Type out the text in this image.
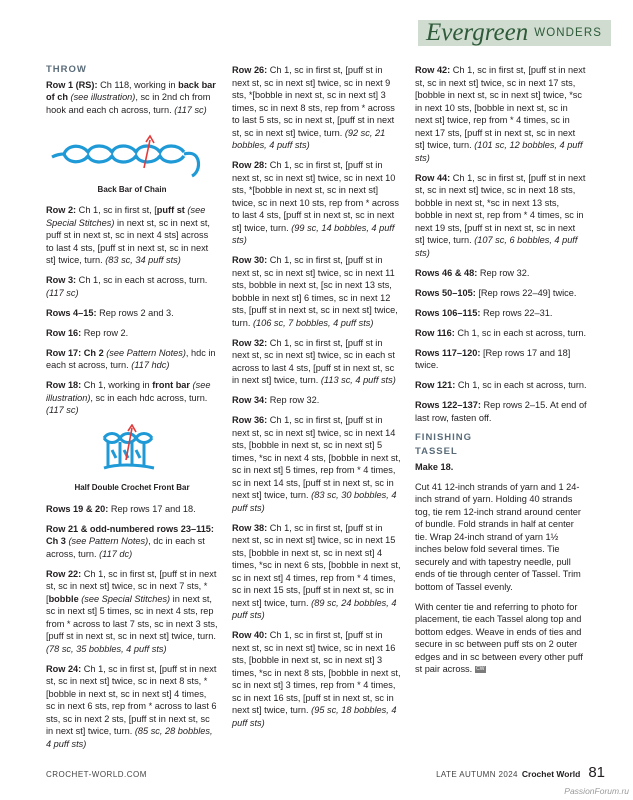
Evergreen WONDERS
THROW

Row 1 (RS): Ch 118, working in back bar of ch (see illustration), sc in 2nd ch from hook and each ch across, turn. (117 sc)

Back Bar of Chain

Row 2: Ch 1, sc in first st, [puff st (see Special Stitches) in next st, sc in next st, puff st in next st, sc in next 4 sts] across to last 4 sts, [puff st in next st, sc in next st] twice, turn. (83 sc, 34 puff sts)

Row 3: Ch 1, sc in each st across, turn. (117 sc)

Rows 4–15: Rep rows 2 and 3.

Row 16: Rep row 2.

Row 17: Ch 2 (see Pattern Notes), hdc in each st across, turn. (117 hdc)

Row 18: Ch 1, working in front bar (see illustration), sc in each hdc across, turn. (117 sc)

Half Double Crochet Front Bar

Rows 19 & 20: Rep rows 17 and 18.

Row 21 & odd-numbered rows 23–115: Ch 3 (see Pattern Notes), dc in each st across, turn. (117 dc)

Row 22: Ch 1, sc in first st, [puff st in next st, sc in next st] twice, sc in next 7 sts, *[bobble (see Special Stitches) in next st, sc in next st] 5 times, sc in next 4 sts, rep from * across to last 7 sts, sc in next 3 sts, [puff st in next st, sc in next st] twice, turn. (78 sc, 35 bobbles, 4 puff sts)

Row 24: Ch 1, sc in first st, [puff st in next st, sc in next st] twice, sc in next 8 sts, *[bobble in next st, sc in next st] 4 times, sc in next 6 sts, rep from * across to last 6 sts, sc in next 2 sts, [puff st in next st, sc in next st] twice, turn. (85 sc, 28 bobbles, 4 puff sts)

Row 26: Ch 1, sc in first st, [puff st in next st, sc in next st] twice, sc in next 9 sts, *[bobble in next st, sc in next st] 3 times, sc in next 8 sts, rep from * across to last 5 sts, sc in next st, [puff st in next st, sc in next st] twice, turn. (92 sc, 21 bobbles, 4 puff sts)

Row 28: Ch 1, sc in first st, [puff st in next st, sc in next st] twice, sc in next 10 sts, *[bobble in next st, sc in next st] twice, sc in next 10 sts, rep from * across to last 4 sts, [puff st in next st, sc in next st] twice, turn. (99 sc, 14 bobbles, 4 puff sts)

Row 30: Ch 1, sc in first st, [puff st in next st, sc in next st] twice, sc in next 11 sts, bobble in next st, [sc in next 13 sts, bobble in next st] 6 times, sc in next 12 sts, [puff st in next st, sc in next st] twice, turn. (106 sc, 7 bobbles, 4 puff sts)

Row 32: Ch 1, sc in first st, [puff st in next st, sc in next st] twice, sc in each st across to last 4 sts, [puff st in next st, sc in next st] twice, turn. (113 sc, 4 puff sts)

Row 34: Rep row 32.

Row 36: Ch 1, sc in first st, [puff st in next st, sc in next st] twice, sc in next 14 sts, [bobble in next st, sc in next st] 5 times, *sc in next 4 sts, [bobble in next st, sc in next st] 5 times, rep from * 4 times, sc in next 14 sts, [puff st in next st, sc in next st] twice, turn. (83 sc, 30 bobbles, 4 puff sts)

Row 38: Ch 1, sc in first st, [puff st in next st, sc in next st] twice, sc in next 15 sts, [bobble in next st, sc in next st] 4 times, *sc in next 6 sts, [bobble in next st, sc in next st] 4 times, rep from * 4 times, sc in next 15 sts, [puff st in next st, sc in next st] twice, turn. (89 sc, 24 bobbles, 4 puff sts)

Row 40: Ch 1, sc in first st, [puff st in next st, sc in next st] twice, sc in next 16 sts, [bobble in next st, sc in next st] 3 times, *sc in next 8 sts, [bobble in next st, sc in next st] 3 times, rep from * 4 times, sc in next 16 sts, [puff st in next st, sc in next st] twice, turn. (95 sc, 18 bobbles, 4 puff sts)

Row 42: Ch 1, sc in first st, [puff st in next st, sc in next st] twice, sc in next 17 sts, [bobble in next st, sc in next st] twice, *sc in next 10 sts, [bobble in next st, sc in next st] twice, rep from * 4 times, sc in next 17 sts, [puff st in next st, sc in next st] twice, turn. (101 sc, 12 bobbles, 4 puff sts)

Row 44: Ch 1, sc in first st, [puff st in next st, sc in next st] twice, sc in next 18 sts, bobble in next st, *sc in next 13 sts, bobble in next st, rep from * 4 times, sc in next 19 sts, [puff st in next st, sc in next st] twice, turn. (107 sc, 6 bobbles, 4 puff sts)

Rows 46 & 48: Rep row 32.

Rows 50–105: [Rep rows 22–49] twice.

Rows 106–115: Rep rows 22–31.

Row 116: Ch 1, sc in each st across, turn.

Rows 117–120: [Rep rows 17 and 18] twice.

Row 121: Ch 1, sc in each st across, turn.

Rows 122–137: Rep rows 2–15. At end of last row, fasten off.

FINISHING
TASSEL

Make 18.

Cut 41 12-inch strands of yarn and 1 24-inch strand of yarn. Holding 40 strands tog, tie rem 12-inch strand around center of bundle. Fold strands in half at center tie. Wrap 24-inch strand of yarn 1½ inches below fold several times. Tie securely and with tapestry needle, pull ends of tie through center of Tassel. Trim bottom of Tassel evenly.

With center tie and referring to photo for placement, tie each Tassel along top and bottom edges. Weave in ends of ties and secure in sc between puff sts on 2 outer edges and in sc between every other puff st pair across. CW

CROCHET-WORLD.COM	LATE AUTUMN 2024 Crochet World 81
PassionForum.ru
